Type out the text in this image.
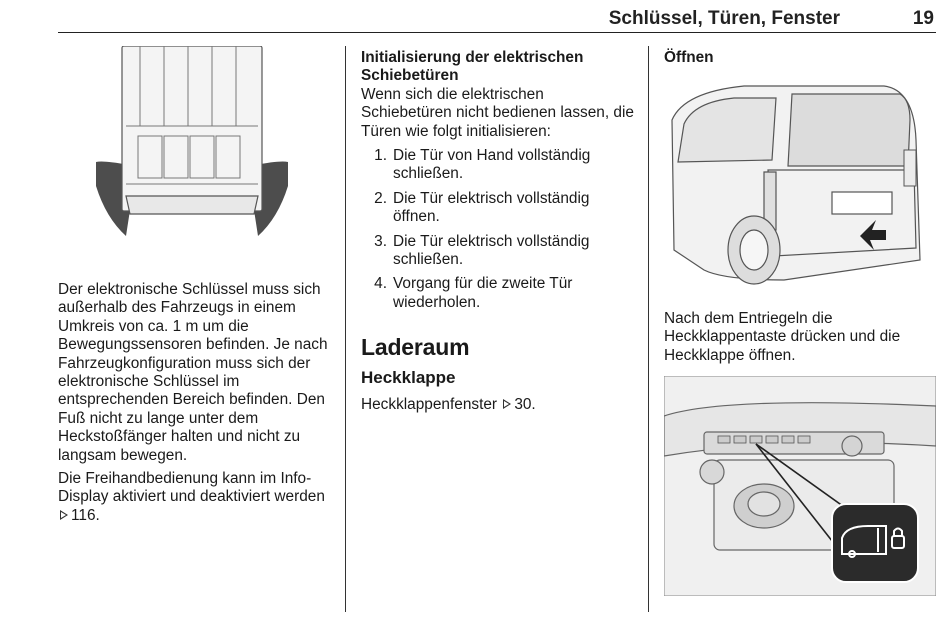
Schlüssel, Türen, Fenster	19

Der elektronische Schlüssel muss sich außerhalb des Fahrzeugs in einem Umkreis von ca. 1 m um die Bewegungssensoren befinden. Je nach Fahrzeugkonfiguration muss sich der elektronische Schlüssel im entsprechenden Bereich befinden. Den Fuß nicht zu lange unter dem Heckstoßfänger halten und nicht zu langsam bewegen.

Die Freihandbedienung kann im Info-Display aktiviert und deaktiviert werden 116.

Initialisierung der elektrischen Schiebetüren

Wenn sich die elektrischen Schiebetüren nicht bedienen lassen, die Türen wie folgt initialisieren:

1. Die Tür von Hand vollständig schließen.
2. Die Tür elektrisch vollständig öffnen.
3. Die Tür elektrisch vollständig schließen.
4. Vorgang für die zweite Tür wiederholen.

Laderaum

Heckklappe

Heckklappenfenster 30.

Öffnen

Nach dem Entriegeln die Heckklappentaste drücken und die Heckklappe öffnen.
